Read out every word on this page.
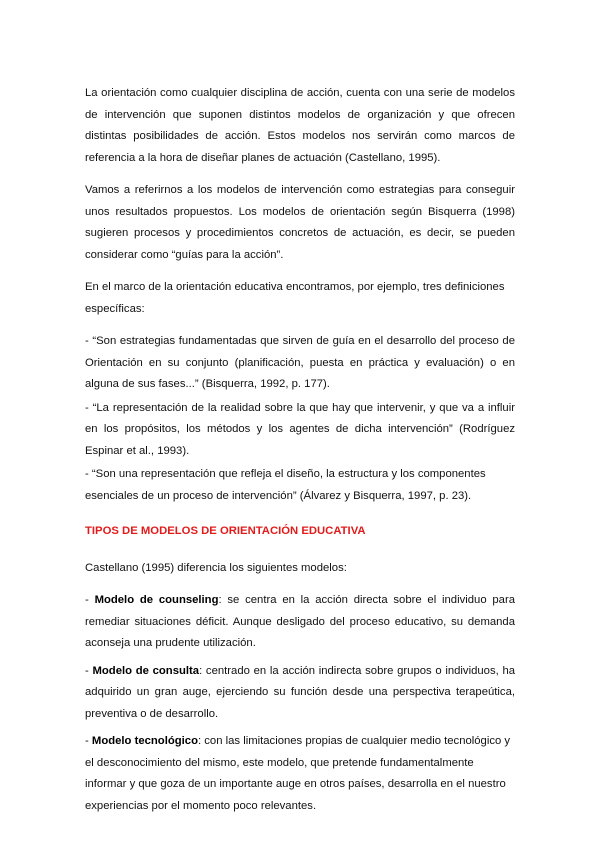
La orientación como cualquier disciplina de acción, cuenta con una serie de modelos de intervención que suponen distintos modelos de organización y que ofrecen distintas posibilidades de acción. Estos modelos nos servirán como marcos de referencia a la hora de diseñar planes de actuación (Castellano, 1995).

Vamos a referirnos a los modelos de intervención como estrategias para conseguir unos resultados propuestos. Los modelos de orientación según Bisquerra (1998) sugieren procesos y procedimientos concretos de actuación, es decir, se pueden considerar como “guías para la acción”.

En el marco de la orientación educativa encontramos, por ejemplo, tres definiciones específicas:

- “Son estrategias fundamentadas que sirven de guía en el desarrollo del proceso de Orientación en su conjunto (planificación, puesta en práctica y evaluación) o en alguna de sus fases...” (Bisquerra, 1992, p. 177).

- “La representación de la realidad sobre la que hay que intervenir, y que va a influir en los propósitos, los métodos y los agentes de dicha intervención” (Rodríguez Espinar et al., 1993).

- “Son una representación que refleja el diseño, la estructura y los componentes esenciales de un proceso de intervención” (Álvarez y Bisquerra, 1997, p. 23).

TIPOS DE MODELOS DE ORIENTACIÓN EDUCATIVA

Castellano (1995) diferencia los siguientes modelos:

- Modelo de counseling: se centra en la acción directa sobre el individuo para remediar situaciones déficit. Aunque desligado del proceso educativo, su demanda aconseja una prudente utilización.

- Modelo de consulta: centrado en la acción indirecta sobre grupos o individuos, ha adquirido un gran auge, ejerciendo su función desde una perspectiva terapeútica, preventiva o de desarrollo.

- Modelo tecnológico: con las limitaciones propias de cualquier medio tecnológico y el desconocimiento del mismo, este modelo, que pretende fundamentalmente informar y que goza de un importante auge en otros países, desarrolla en el nuestro experiencias por el momento poco relevantes.
